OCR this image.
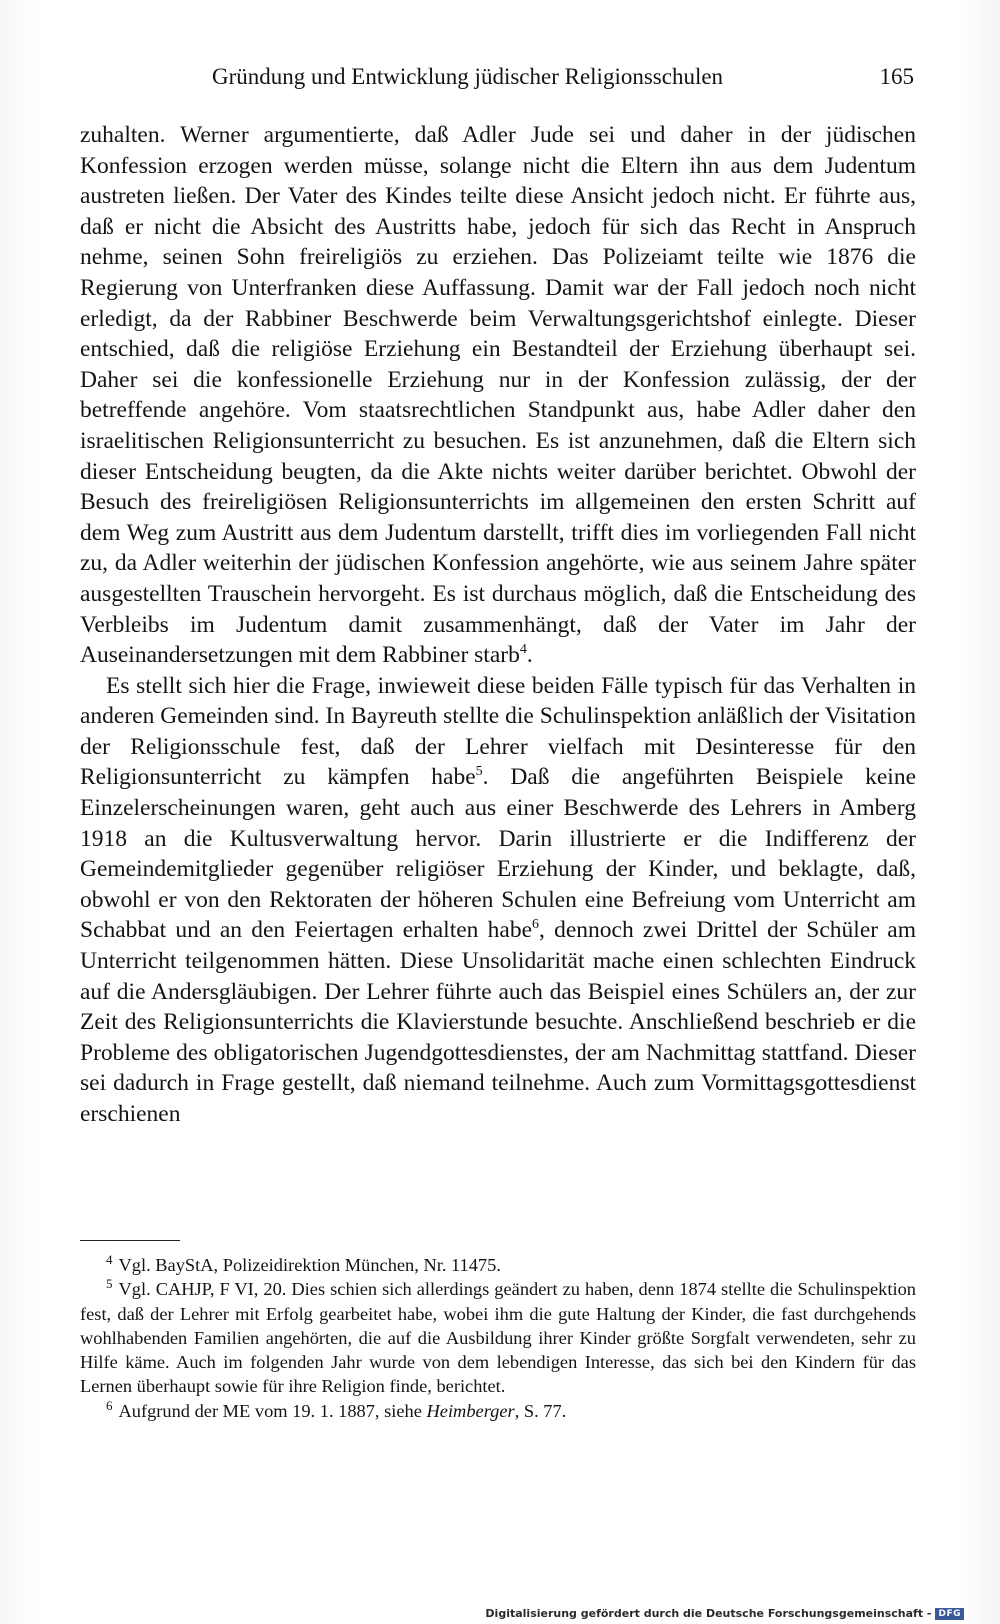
Gründung und Entwicklung jüdischer Religionsschulen	165

zuhalten. Werner argumentierte, daß Adler Jude sei und daher in der jüdischen Konfession erzogen werden müsse, solange nicht die Eltern ihn aus dem Judentum austreten ließen. Der Vater des Kindes teilte diese Ansicht jedoch nicht. Er führte aus, daß er nicht die Absicht des Austritts habe, jedoch für sich das Recht in Anspruch nehme, seinen Sohn freireligiös zu erziehen. Das Polizeiamt teilte wie 1876 die Regierung von Unterfranken diese Auffassung. Damit war der Fall jedoch noch nicht erledigt, da der Rabbiner Beschwerde beim Verwaltungsgerichtshof einlegte. Dieser entschied, daß die religiöse Erziehung ein Bestandteil der Erziehung überhaupt sei. Daher sei die konfessionelle Erziehung nur in der Konfession zulässig, der der betreffende angehöre. Vom staatsrechtlichen Standpunkt aus, habe Adler daher den israelitischen Religionsunterricht zu besuchen. Es ist anzunehmen, daß die Eltern sich dieser Entscheidung beugten, da die Akte nichts weiter darüber berichtet. Obwohl der Besuch des freireligiösen Religionsunterrichts im allgemeinen den ersten Schritt auf dem Weg zum Austritt aus dem Judentum darstellt, trifft dies im vorliegenden Fall nicht zu, da Adler weiterhin der jüdischen Konfession angehörte, wie aus seinem Jahre später ausgestellten Trauschein hervorgeht. Es ist durchaus möglich, daß die Entscheidung des Verbleibs im Judentum damit zusammenhängt, daß der Vater im Jahr der Auseinandersetzungen mit dem Rabbiner starb$^4$.

Es stellt sich hier die Frage, inwieweit diese beiden Fälle typisch für das Verhalten in anderen Gemeinden sind. In Bayreuth stellte die Schulinspektion anläßlich der Visitation der Religionsschule fest, daß der Lehrer vielfach mit Desinteresse für den Religionsunterricht zu kämpfen habe$^5$. Daß die angeführten Beispiele keine Einzelerscheinungen waren, geht auch aus einer Beschwerde des Lehrers in Amberg 1918 an die Kultusverwaltung hervor. Darin illustrierte er die Indifferenz der Gemeindemitglieder gegenüber religiöser Erziehung der Kinder, und beklagte, daß, obwohl er von den Rektoraten der höheren Schulen eine Befreiung vom Unterricht am Schabbat und an den Feiertagen erhalten habe$^6$, dennoch zwei Drittel der Schüler am Unterricht teilgenommen hätten. Diese Unsolidarität mache einen schlechten Eindruck auf die Andersgläubigen. Der Lehrer führte auch das Beispiel eines Schülers an, der zur Zeit des Religionsunterrichts die Klavierstunde besuchte. Anschließend beschrieb er die Probleme des obligatorischen Jugendgottesdienstes, der am Nachmittag stattfand. Dieser sei dadurch in Frage gestellt, daß niemand teilnehme. Auch zum Vormittagsgottesdienst erschienen

$^4$ Vgl. BayStA, Polizeidirektion München, Nr. 11475.

$^5$ Vgl. CAHJP, F VI, 20. Dies schien sich allerdings geändert zu haben, denn 1874 stellte die Schulinspektion fest, daß der Lehrer mit Erfolg gearbeitet habe, wobei ihm die gute Haltung der Kinder, die fast durchgehends wohlhabenden Familien angehörten, die auf die Ausbildung ihrer Kinder größte Sorgfalt verwendeten, sehr zu Hilfe käme. Auch im folgenden Jahr wurde von dem lebendigen Interesse, das sich bei den Kindern für das Lernen überhaupt sowie für ihre Religion finde, berichtet.

$^6$ Aufgrund der ME vom 19. 1. 1887, siehe Heimberger, S. 77.

Digitalisierung gefördert durch die Deutsche Forschungsgemeinschaft - DFG
